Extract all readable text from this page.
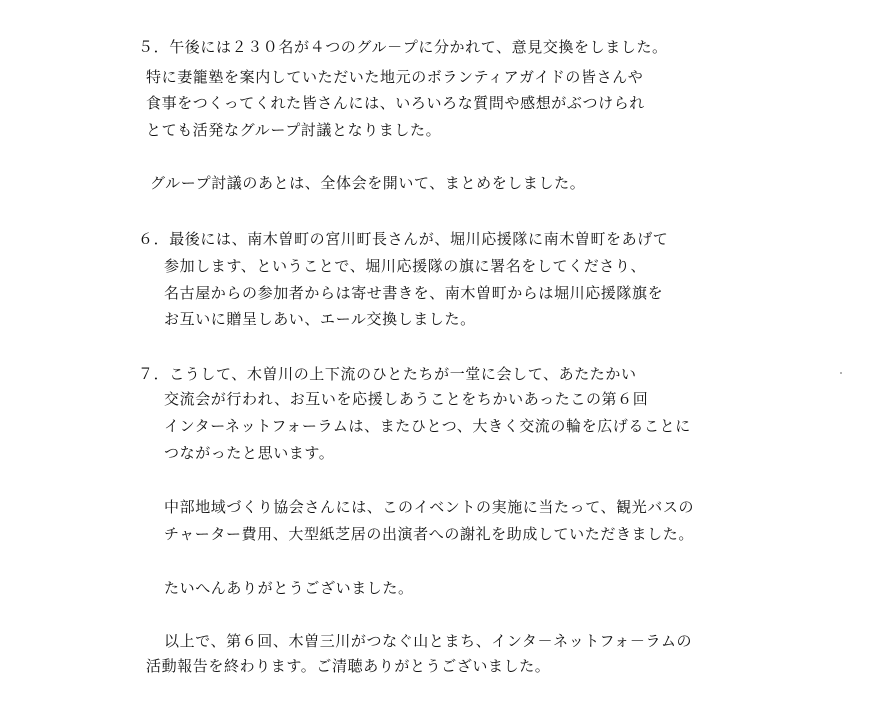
５．午後には２３０名が４つのグル－プに分かれて、意見交換をしました。
特に妻籠塾を案内していただいた地元のボランティアガイドの皆さんや
食事をつくってくれた皆さんには、いろいろな質問や感想がぶつけられ
とても活発なグループ討議となりました。
グループ討議のあとは、全体会を開いて、まとめをしました。
６．最後には、南木曽町の宮川町長さんが、堀川応援隊に南木曽町をあげて
参加します、ということで、堀川応援隊の旗に署名をしてくださり、
名古屋からの参加者からは寄せ書きを、南木曽町からは堀川応援隊旗を
お互いに贈呈しあい、エール交換しました。
７．こうして、木曽川の上下流のひとたちが一堂に会して、あたたかい
交流会が行われ、お互いを応援しあうことをちかいあったこの第６回
インターネットフォーラムは、またひとつ、大きく交流の輪を広げることに
つながったと思います。
中部地域づくり協会さんには、このイベントの実施に当たって、観光バスの
チャーター費用、大型紙芝居の出演者への謝礼を助成していただきました。
たいへんありがとうございました。
以上で、第６回、木曽三川がつなぐ山とまち、インタ－ネットフォ－ラムの
活動報告を終わります。ご清聴ありがとうございました。
